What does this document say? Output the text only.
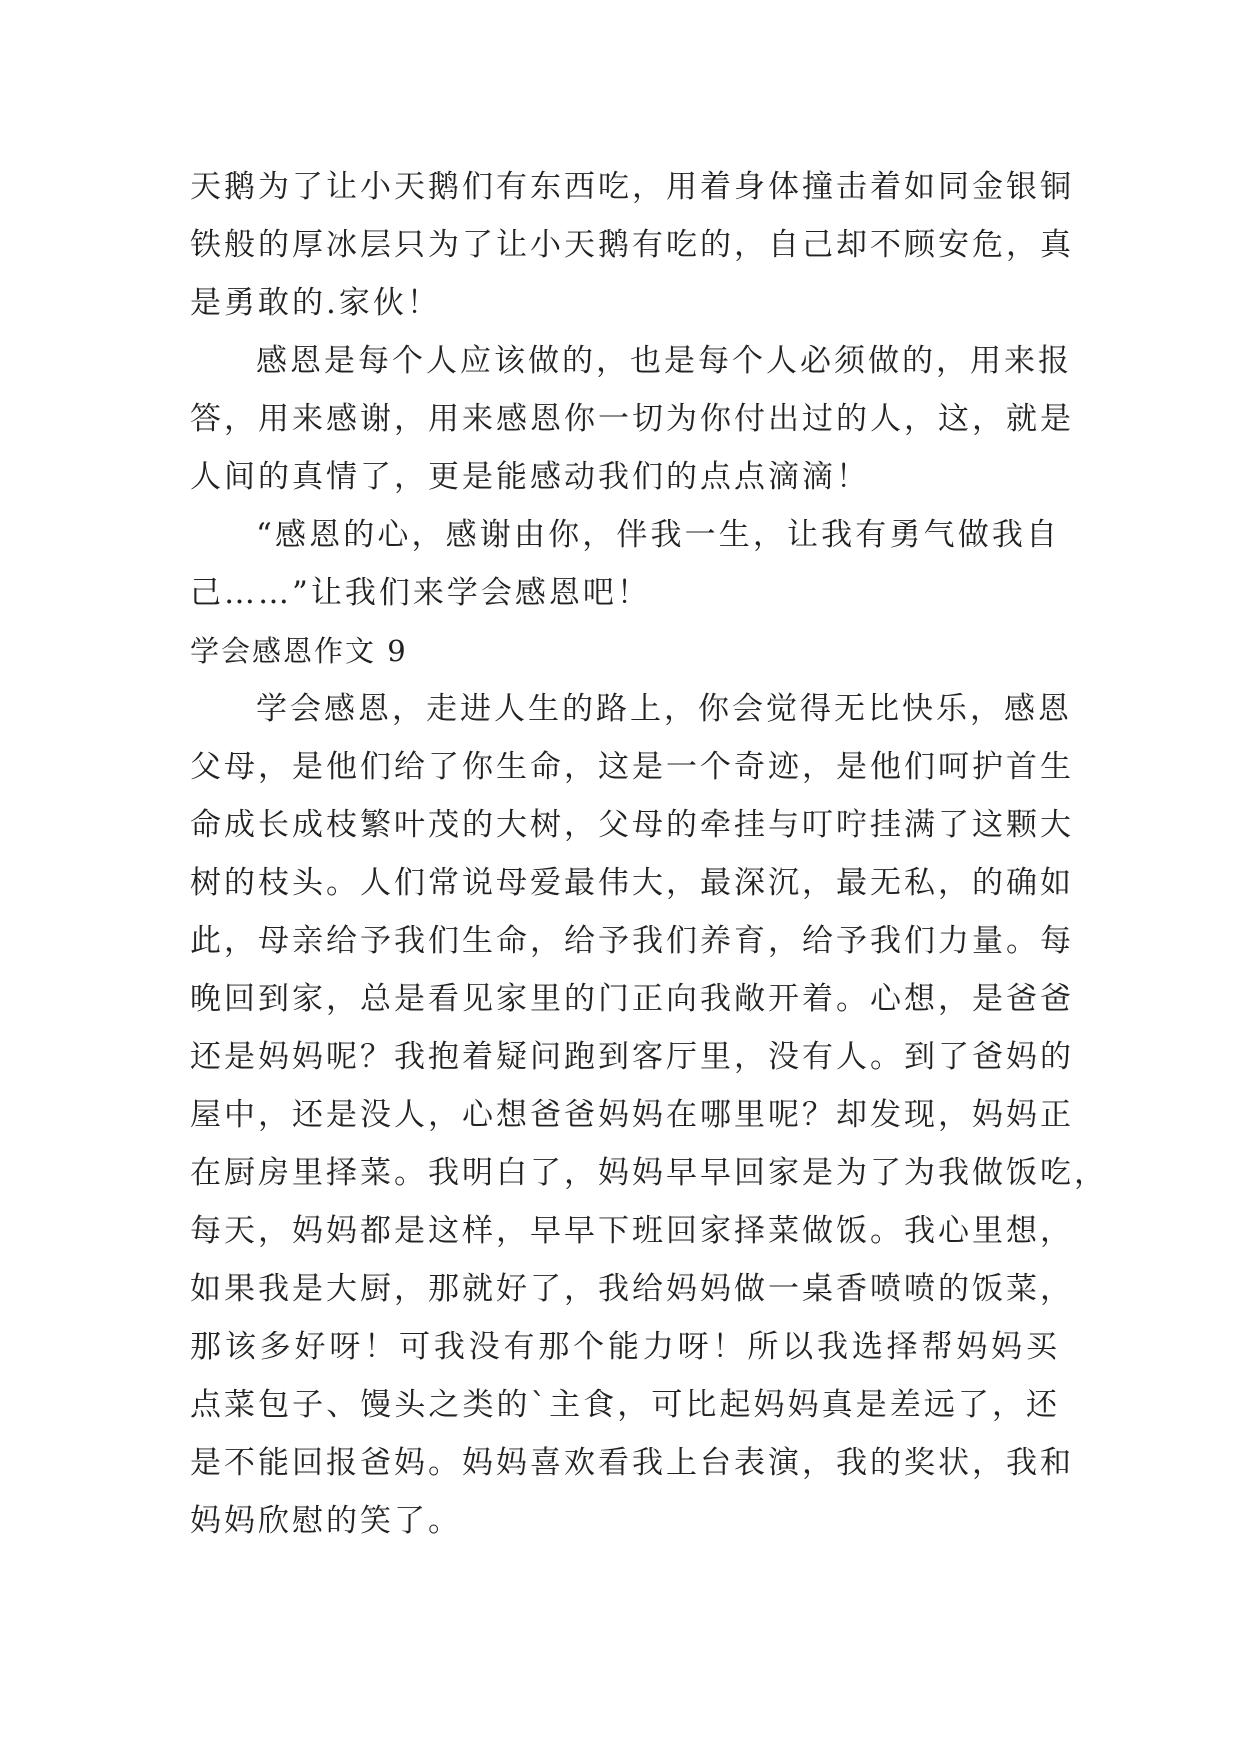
天鹅为了让小天鹅们有东西吃，用着身体撞击着如同金银铜
铁般的厚冰层只为了让小天鹅有吃的，自己却不顾安危，真
是勇敢的.家伙！
感恩是每个人应该做的，也是每个人必须做的，用来报
答，用来感谢，用来感恩你一切为你付出过的人，这，就是
人间的真情了，更是能感动我们的点点滴滴！
“感恩的心，感谢由你，伴我一生，让我有勇气做我自
己……”让我们来学会感恩吧！
学会感恩作文 9
学会感恩，走进人生的路上，你会觉得无比快乐，感恩
父母，是他们给了你生命，这是一个奇迹，是他们呵护首生
命成长成枝繁叶茂的大树，父母的牵挂与叮咛挂满了这颗大
树的枝头。人们常说母爱最伟大，最深沉，最无私，的确如
此，母亲给予我们生命，给予我们养育，给予我们力量。每
晚回到家，总是看见家里的门正向我敞开着。心想，是爸爸
还是妈妈呢？我抱着疑问跑到客厅里，没有人。到了爸妈的
屋中，还是没人，心想爸爸妈妈在哪里呢？却发现，妈妈正
在厨房里择菜。我明白了，妈妈早早回家是为了为我做饭吃，
每天，妈妈都是这样，早早下班回家择菜做饭。我心里想，
如果我是大厨，那就好了，我给妈妈做一桌香喷喷的饭菜，
那该多好呀！可我没有那个能力呀！所以我选择帮妈妈买
点菜包子、馒头之类的`主食，可比起妈妈真是差远了，还
是不能回报爸妈。妈妈喜欢看我上台表演，我的奖状，我和
妈妈欣慰的笑了。
